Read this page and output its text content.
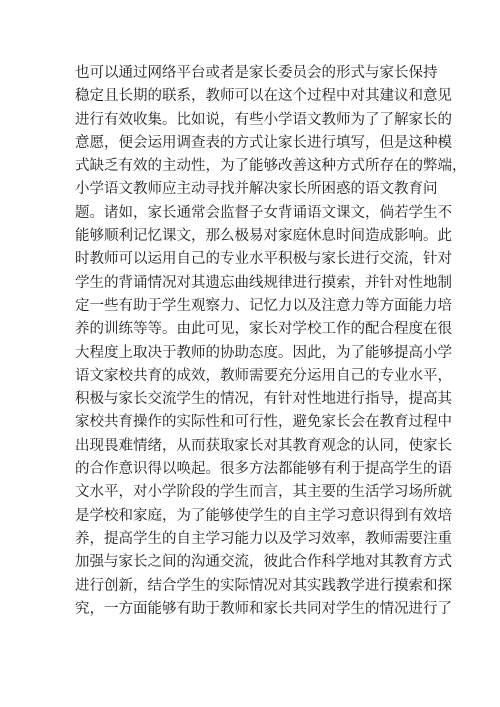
也可以通过网络平台或者是家长委员会的形式与家长保持
稳定且长期的联系，教师可以在这个过程中对其建议和意见
进行有效收集。比如说，有些小学语文教师为了了解家长的
意愿，便会运用调查表的方式让家长进行填写，但是这种模
式缺乏有效的主动性，为了能够改善这种方式所存在的弊端，
小学语文教师应主动寻找并解决家长所困惑的语文教育问
题。诸如，家长通常会监督子女背诵语文课文，倘若学生不
能够顺利记忆课文，那么极易对家庭休息时间造成影响。此
时教师可以运用自己的专业水平积极与家长进行交流，针对
学生的背诵情况对其遗忘曲线规律进行摸索，并针对性地制
定一些有助于学生观察力、记忆力以及注意力等方面能力培
养的训练等等。由此可见，家长对学校工作的配合程度在很
大程度上取决于教师的协助态度。因此，为了能够提高小学
语文家校共育的成效，教师需要充分运用自己的专业水平，
积极与家长交流学生的情况，有针对性地进行指导，提高其
家校共育操作的实际性和可行性，避免家长会在教育过程中
出现畏难情绪，从而获取家长对其教育观念的认同，使家长
的合作意识得以唤起。很多方法都能够有利于提高学生的语
文水平，对小学阶段的学生而言，其主要的生活学习场所就
是学校和家庭，为了能够使学生的自主学习意识得到有效培
养，提高学生的自主学习能力以及学习效率，教师需要注重
加强与家长之间的沟通交流，彼此合作科学地对其教育方式
进行创新，结合学生的实际情况对其实践教学进行摸索和探
究，一方面能够有助于教师和家长共同对学生的情况进行了
